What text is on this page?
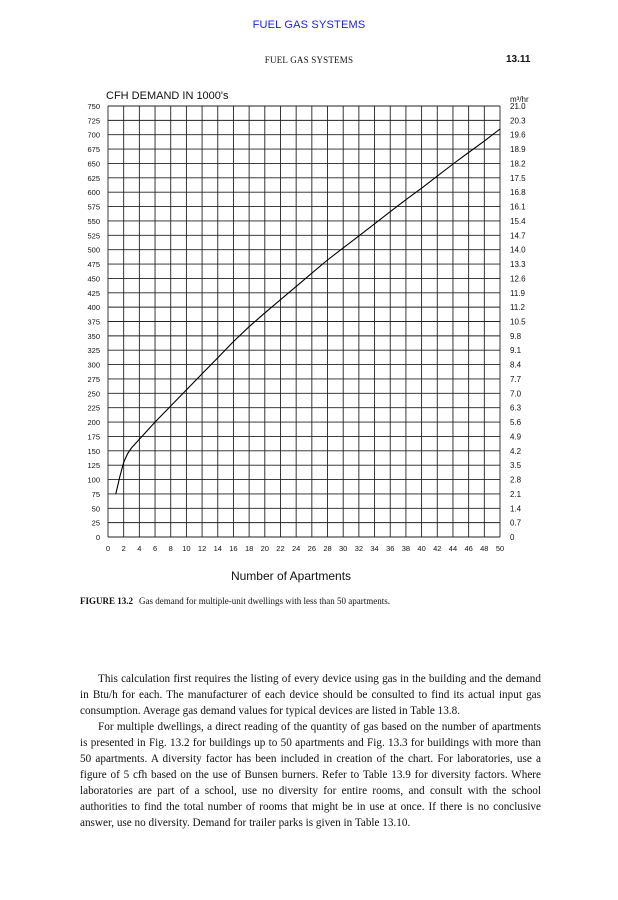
FUEL GAS SYSTEMS
FUEL GAS SYSTEMS	13.11
CFH DEMAND IN 1000's	m³/hr
0
25
50
75
100
125
150
175
200
225
250
275
300
325
350
375
400
425
450
475
500
525
550
575
600
625
650
675
700
725
750
0
0.7
1.4
2.1
2.8
3.5
4.2
4.9
5.6
6.3
7.0
7.7
8.4
9.1
9.8
10.5
11.2
11.9
12.6
13.3
14.0
14.7
15.4
16.1
16.8
17.5
18.2
18.9
19.6
20.3
21.0
0 2 4 6 8 10 12 14 16 18 20 22 24 26 28 30 32 34 36 38 40 42 44 46 48 50
Number of Apartments
FIGURE 13.2 Gas demand for multiple-unit dwellings with less than 50 apartments.

This calculation first requires the listing of every device using gas in the building and the demand in Btu/h for each. The manufacturer of each device should be consulted to find its actual input gas consumption. Average gas demand values for typical devices are listed in Table 13.8.

For multiple dwellings, a direct reading of the quantity of gas based on the number of apartments is presented in Fig. 13.2 for buildings up to 50 apartments and Fig. 13.3 for buildings with more than 50 apartments. A diversity factor has been included in creation of the chart. For laboratories, use a figure of 5 cfh based on the use of Bunsen burners. Refer to Table 13.9 for diversity factors. Where laboratories are part of a school, use no diversity for entire rooms, and consult with the school authorities to find the total number of rooms that might be in use at once. If there is no conclusive answer, use no diversity. Demand for trailer parks is given in Table 13.10.
